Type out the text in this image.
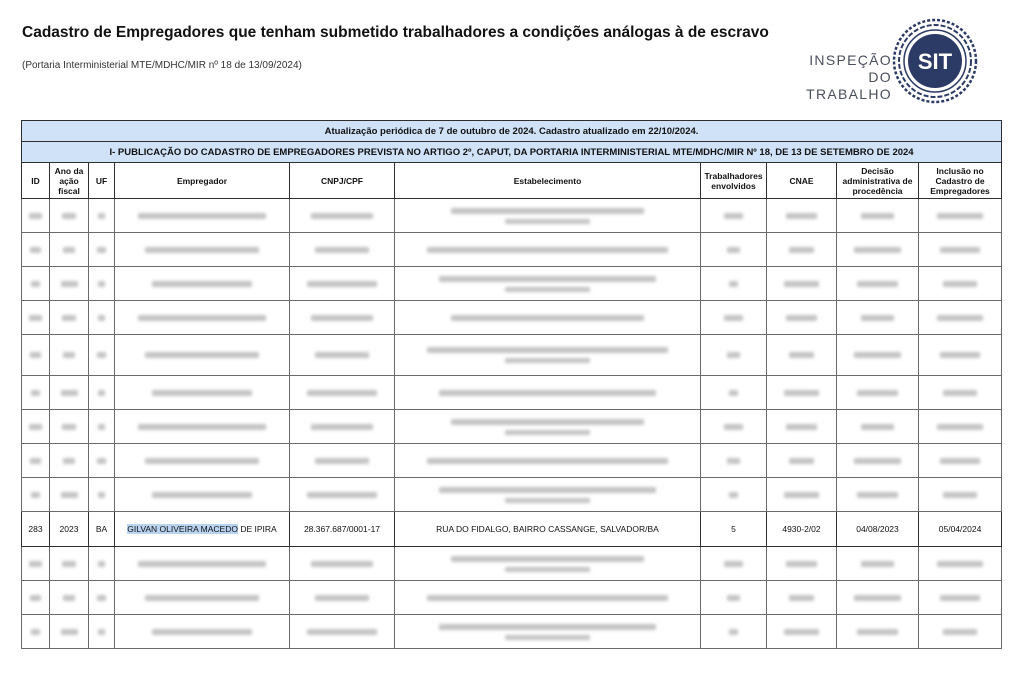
Cadastro de Empregadores que tenham submetido trabalhadores a condições análogas à de escravo
(Portaria Interministerial MTE/MDHC/MIR nº 18 de 13/09/2024)	INSPEÇÃO
DO TRABALHO
SIT
Atualização periódica de 7 de outubro de 2024. Cadastro atualizado em 22/10/2024.									
I- PUBLICAÇÃO DO CADASTRO DE EMPREGADORES PREVISTA NO ARTIGO 2º, CAPUT, DA PORTARIA INTERMINISTERIAL MTE/MDHC/MIR Nº 18, DE 13 DE SETEMBRO DE 2024									
ID	Ano da ação fiscal	UF	Empregador	CNPJ/CPF	Estabelecimento	Trabalhadores envolvidos	CNAE	Decisão administrativa de procedência	Inclusão no Cadastro de Empregadores

283	2023	BA	GILVAN OLIVEIRA MACEDO DE IPIRA	28.367.687/0001-17	RUA DO FIDALGO, BAIRRO CASSANGE, SALVADOR/BA	5	4930-2/02	04/08/2023	05/04/2024
